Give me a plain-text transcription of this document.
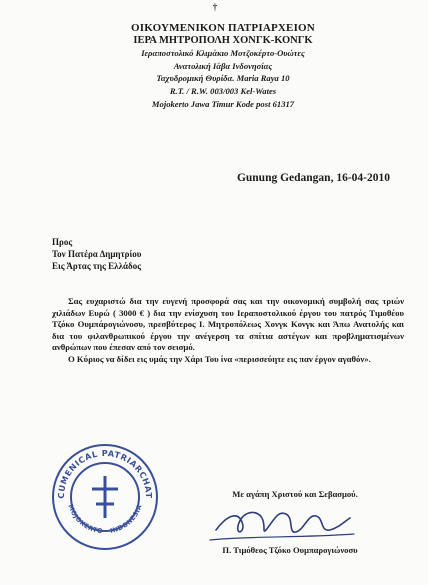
†
ΟΙΚΟΥΜΕΝΙΚΟΝ ΠΑΤΡΙΑΡΧΕΙΟΝ
ΙΕΡΑ ΜΗΤΡΟΠΟΛΗ ΧΟΝΓΚ-ΚΟΝΓΚ
Ιεραποστολικό Κλιμάκιο Μοτζοκέρτο-Ουώτες
Ανατολική Ιάβα Ινδονησίας
Ταχυδρομική Θυρίδα. Maria Raya 10
R.T. / R.W. 003/003 Kel-Wates
Mojokerto Jawa Timur Kode post 61317
Gunung Gedangan, 16-04-2010
Προς
Τον Πατέρα Δημητρίου
Εις Άρτας της Ελλάδος

Σας ευχαριστώ δια την ευγενή προσφορά σας και την οικονομική συμβολή σας τριών χιλιάδων Ευρώ ( 3000 € ) δια την ενίσχυση του Ιεραποστολικού έργου του πατρός Τιμοθέου Τζόκο Ουμπάρογιώνοσυ, πρεσβύτερος Ι. Μητροπόλεως Χονγκ Κονγκ και Άπω Ανατολής και δια του φιλανθρωπικού έργου την ανέγερση τα σπίτια αστέγων και προβληματισμένων ανθρώπων που έπεσαν από τον σεισμό.

Ο Κύριος να δίδει εις υμάς την Χάρι Του ίνα «περισσεύητε εις παν έργον αγαθόν».

CUMENICAL PATRIARCHAT
MOJOKERTO · INDONESIA
Με αγάπη Χριστού και Σεβασμού.
Π. Τιμόθεος Τζόκο Ουμπαρογιώνοσυ
